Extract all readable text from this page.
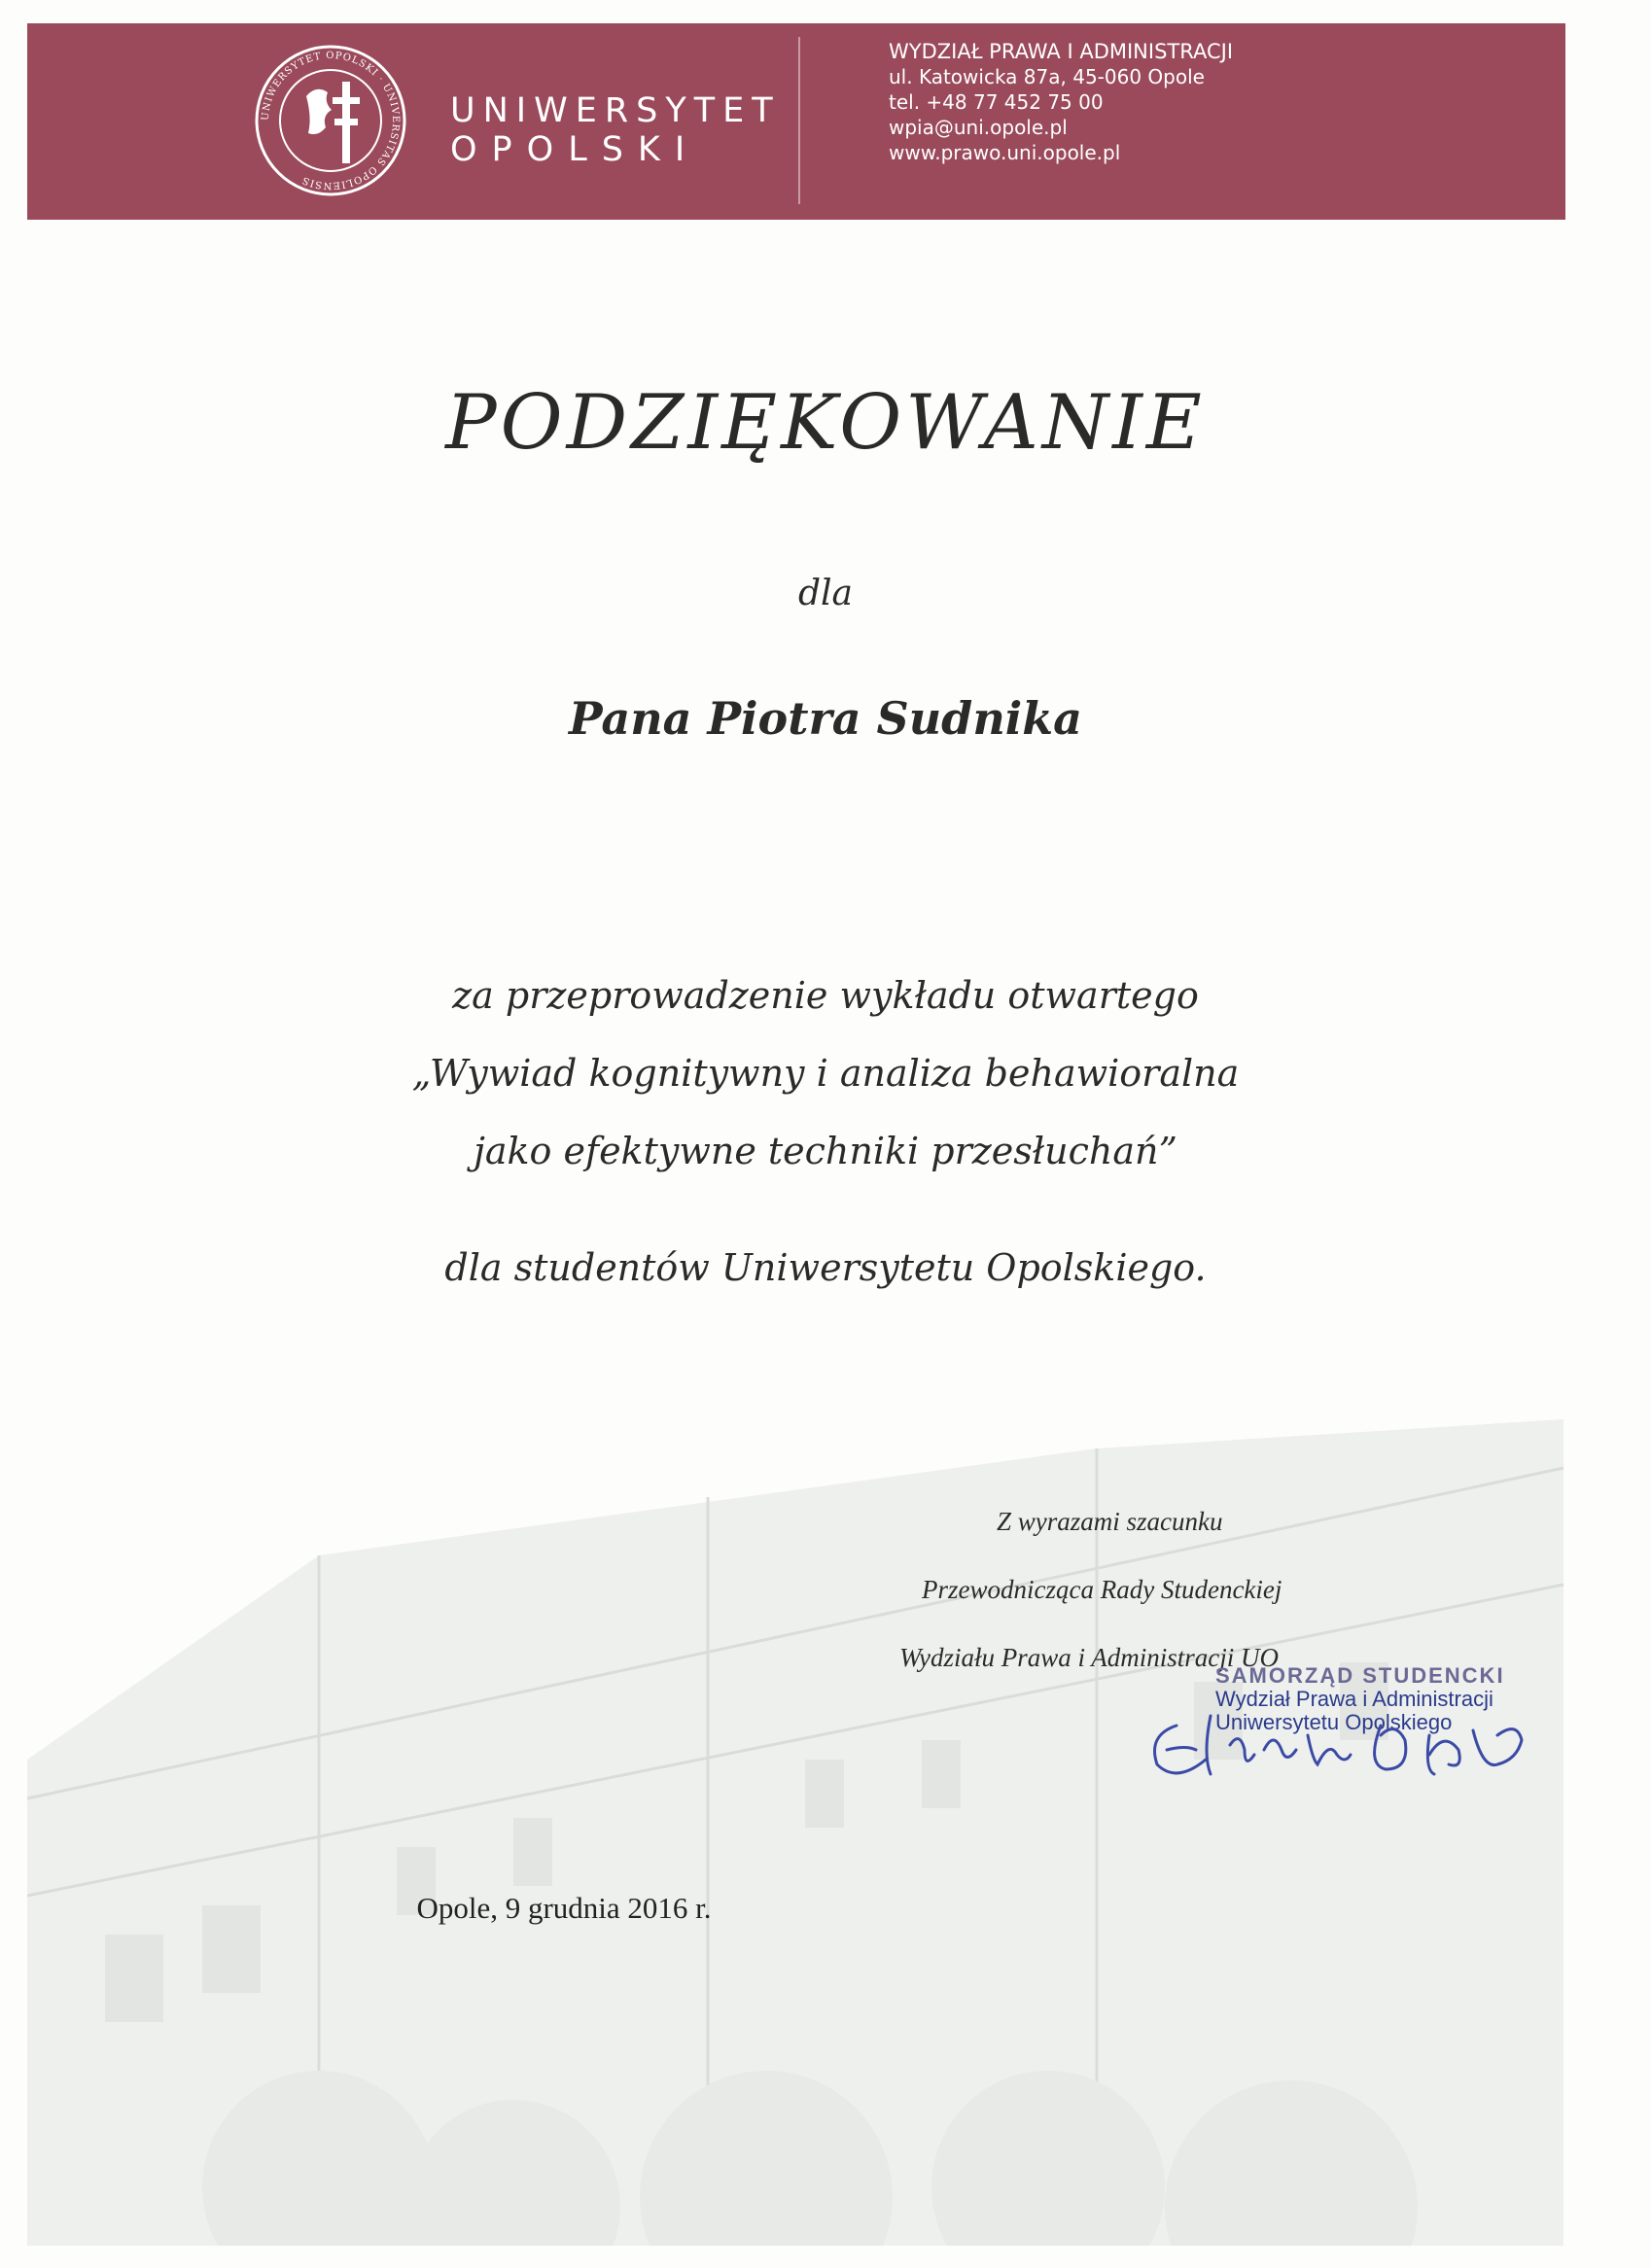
UNIWERSYTET OPOLSKI · UNIVERSITAS OPOLIENSIS
UNIWERSYTET
OPOLSKI
WYDZIAŁ PRAWA I ADMINISTRACJI
ul. Katowicka 87a, 45-060 Opole
tel. +48 77 452 75 00
wpia@uni.opole.pl
www.prawo.uni.opole.pl
PODZIĘKOWANIE
dla
Pana Piotra Sudnika
za przeprowadzenie wykładu otwartego
„Wywiad kognitywny i analiza behawioralna
jako efektywne techniki przesłuchań”
dla studentów Uniwersytetu Opolskiego.
Z wyrazami szacunku
Przewodnicząca Rady Studenckiej
Wydziału Prawa i Administracji UO
SAMORZĄD STUDENCKI
Wydział Prawa i Administracji
Uniwersytetu Opolskiego
Opole, 9 grudnia 2016 r.
